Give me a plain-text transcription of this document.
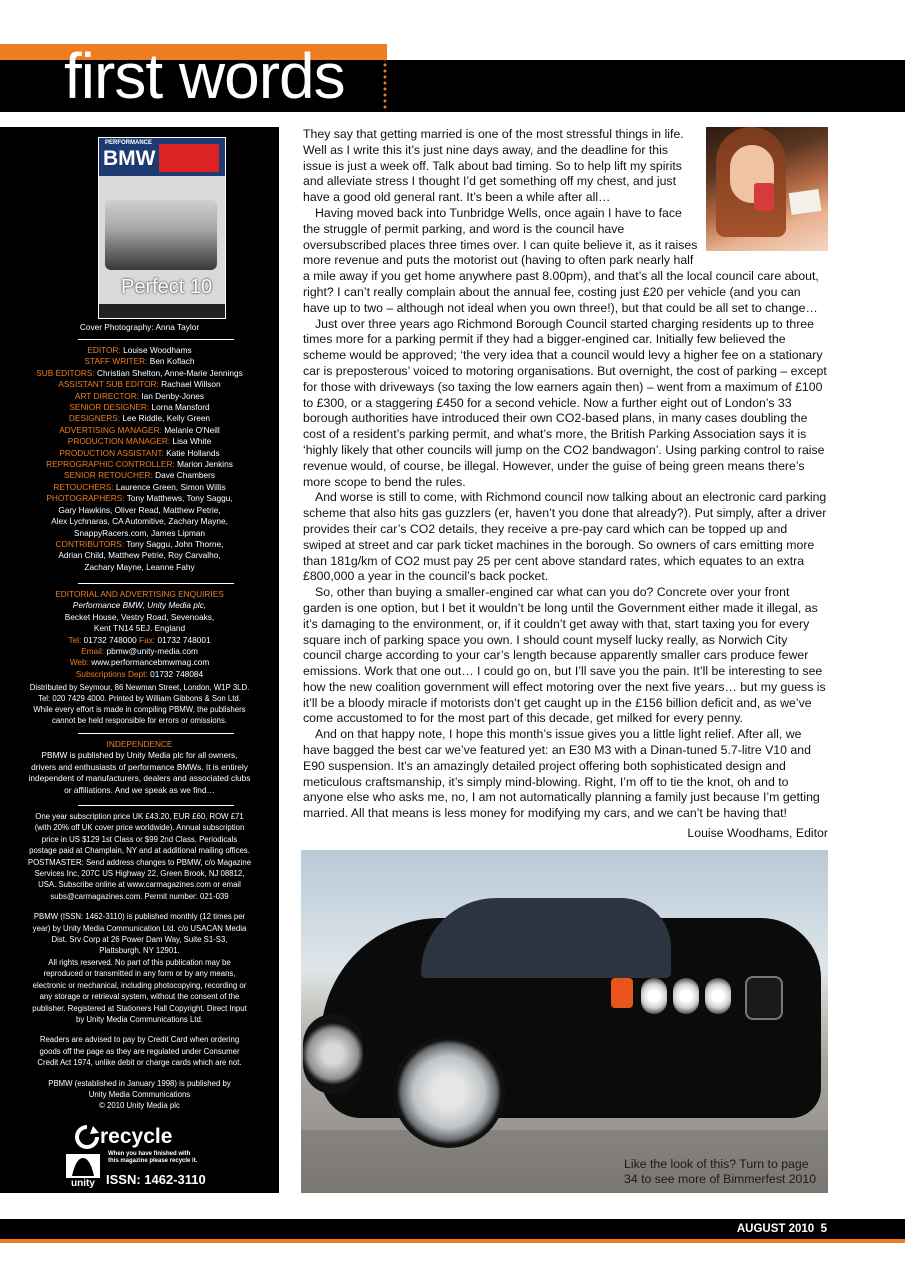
first words
PERFORMANCE
BMW
Perfect 10
Cover Photography: Anna Taylor
EDITOR: Louise Woodhams
STAFF WRITER: Ben Koflach
SUB EDITORS: Christian Shelton, Anne-Marie Jennings
ASSISTANT SUB EDITOR: Rachael Willson
ART DIRECTOR: Ian Denby-Jones
SENIOR DESIGNER: Lorna Mansford
DESIGNERS: Lee Riddle, Kelly Green
ADVERTISING MANAGER: Melanie O'Neill
PRODUCTION MANAGER: Lisa White
PRODUCTION ASSISTANT: Katie Hollands
REPROGRAPHIC CONTROLLER: Marion Jenkins
SENIOR RETOUCHER: Dave Chambers
RETOUCHERS: Laurence Green, Simon Willis
PHOTOGRAPHERS: Tony Matthews, Tony Saggu,
Gary Hawkins, Oliver Read, Matthew Petrie,
Alex Lychnaras, CA Automitive, Zachary Mayne,
SnappyRacers.com, James Lipman
CONTRIBUTORS: Tony Saggu, John Thorne,
Adrian Child, Matthew Petrie, Roy Carvalho,
Zachary Mayne, Leanne Fahy
EDITORIAL AND ADVERTISING ENQUIRIES
Performance BMW, Unity Media plc,
Becket House, Vestry Road, Sevenoaks,
Kent TN14 5EJ. England
Tel: 01732 748000 Fax: 01732 748001
Email: pbmw@unity-media.com
Web: www.performancebmwmag.com
Subscriptions Dept: 01732 748084
Distributed by Seymour, 86 Newman Street, London, W1P 3LD.
Tel: 020 7429 4000. Printed by William Gibbons & Son Ltd.
While every effort is made in compiling PBMW, the publishers
cannot be held responsible for errors or omissions.
INDEPENDENCE
PBMW is published by Unity Media plc for all owners,
drivers and enthusiasts of performance BMWs. It is entirely
independent of manufacturers, dealers and associated clubs
or affiliations. And we speak as we find…
One year subscription price UK £43.20, EUR £60, ROW £71
(with 20% off UK cover price worldwide). Annual subscription
price in US $129 1st Class or $99 2nd Class. Periodicals
postage paid at Champlain, NY and at additional mailing offices.
POSTMASTER: Send address changes to PBMW, c/o Magazine
Services Inc, 207C US Highway 22, Green Brook, NJ 08812,
USA. Subscribe online at www.carmagazines.com or email
subs@carmagazines.com. Permit number: 021-039
PBMW (ISSN: 1462-3110) is published monthly (12 times per
year) by Unity Media Communication Ltd. c/o USACAN Media
Dist. Srv Corp at 26 Power Dam Way, Suite S1-S3,
Plattsburgh, NY 12901.
All rights reserved. No part of this publication may be
reproduced or transmitted in any form or by any means,
electronic or mechanical, including photocopying, recording or
any storage or retrieval system, without the consent of the
publisher. Registered at Stationers Hall Copyright. Direct Input
by Unity Media Communications Ltd.
Readers are advised to pay by Credit Card when ordering
goods off the page as they are regulated under Consumer
Credit Act 1974, unlike debit or charge cards which are not.
PBMW (established in January 1998) is published by
Unity Media Communications
© 2010 Unity Media plc
recycle
When you have finished with
this magazine please recycle it.
unity ISSN: 1462-3110

They say that getting married is one of the most stressful things in life. Well as I write this it’s just nine days away, and the deadline for this issue is just a week off. Talk about bad timing. So to help lift my spirits and alleviate stress I thought I’d get something off my chest, and just have a good old general rant. It’s been a while after all…

Having moved back into Tunbridge Wells, once again I have to face the struggle of permit parking, and word is the council have oversubscribed places three times over. I can quite believe it, as it raises more revenue and puts the motorist out (having to often park nearly half a mile away if you get home anywhere past 8.00pm), and that’s all the local council care about, right? I can’t really complain about the annual fee, costing just £20 per vehicle (and you can have up to two – although not ideal when you own three!), but that could be all set to change…

Just over three years ago Richmond Borough Council started charging residents up to three times more for a parking permit if they had a bigger-engined car. Initially few believed the scheme would be approved; ‘the very idea that a council would levy a higher fee on a stationary car is preposterous’ voiced to motoring organisations. But overnight, the cost of parking – except for those with driveways (so taxing the low earners again then) – went from a maximum of £100 to £300, or a staggering £450 for a second vehicle. Now a further eight out of London’s 33 borough authorities have introduced their own CO2-based plans, in many cases doubling the cost of a resident’s parking permit, and what’s more, the British Parking Association says it is ‘highly likely that other councils will jump on the CO2 bandwagon’. Using parking control to raise revenue would, of course, be illegal. However, under the guise of being green means there’s more scope to bend the rules.

And worse is still to come, with Richmond council now talking about an electronic card parking scheme that also hits gas guzzlers (er, haven’t you done that already?). Put simply, after a driver provides their car’s CO2 details, they receive a pre-pay card which can be topped up and swiped at street and car park ticket machines in the borough. So owners of cars emitting more than 181g/km of CO2 must pay 25 per cent above standard rates, which equates to an extra £800,000 a year in the council’s back pocket.

So, other than buying a smaller-engined car what can you do? Concrete over your front garden is one option, but I bet it wouldn’t be long until the Government either made it illegal, as it’s damaging to the environment, or, if it couldn’t get away with that, start taxing you for every square inch of parking space you own. I should count myself lucky really, as Norwich City council charge according to your car’s length because apparently smaller cars produce fewer emissions. Work that one out… I could go on, but I’ll save you the pain. It’ll be interesting to see how the new coalition government will effect motoring over the next five years… but my guess is it’ll be a bloody miracle if motorists don’t get caught up in the £156 billion deficit and, as we’ve come accustomed to for the most part of this decade, get milked for every penny.

And on that happy note, I hope this month’s issue gives you a little light relief. After all, we have bagged the best car we’ve featured yet: an E30 M3 with a Dinan-tuned 5.7-litre V10 and E90 suspension. It’s an amazingly detailed project offering both sophisticated design and meticulous craftsmanship, it’s simply mind-blowing. Right, I’m off to tie the knot, oh and to anyone else who asks me, no, I am not automatically planning a family just because I’m getting married. All that means is less money for modifying my cars, and we can’t be having that!

Louise Woodhams, Editor
Like the look of this? Turn to page 34 to see more of Bimmerfest 2010
AUGUST 2010 5
